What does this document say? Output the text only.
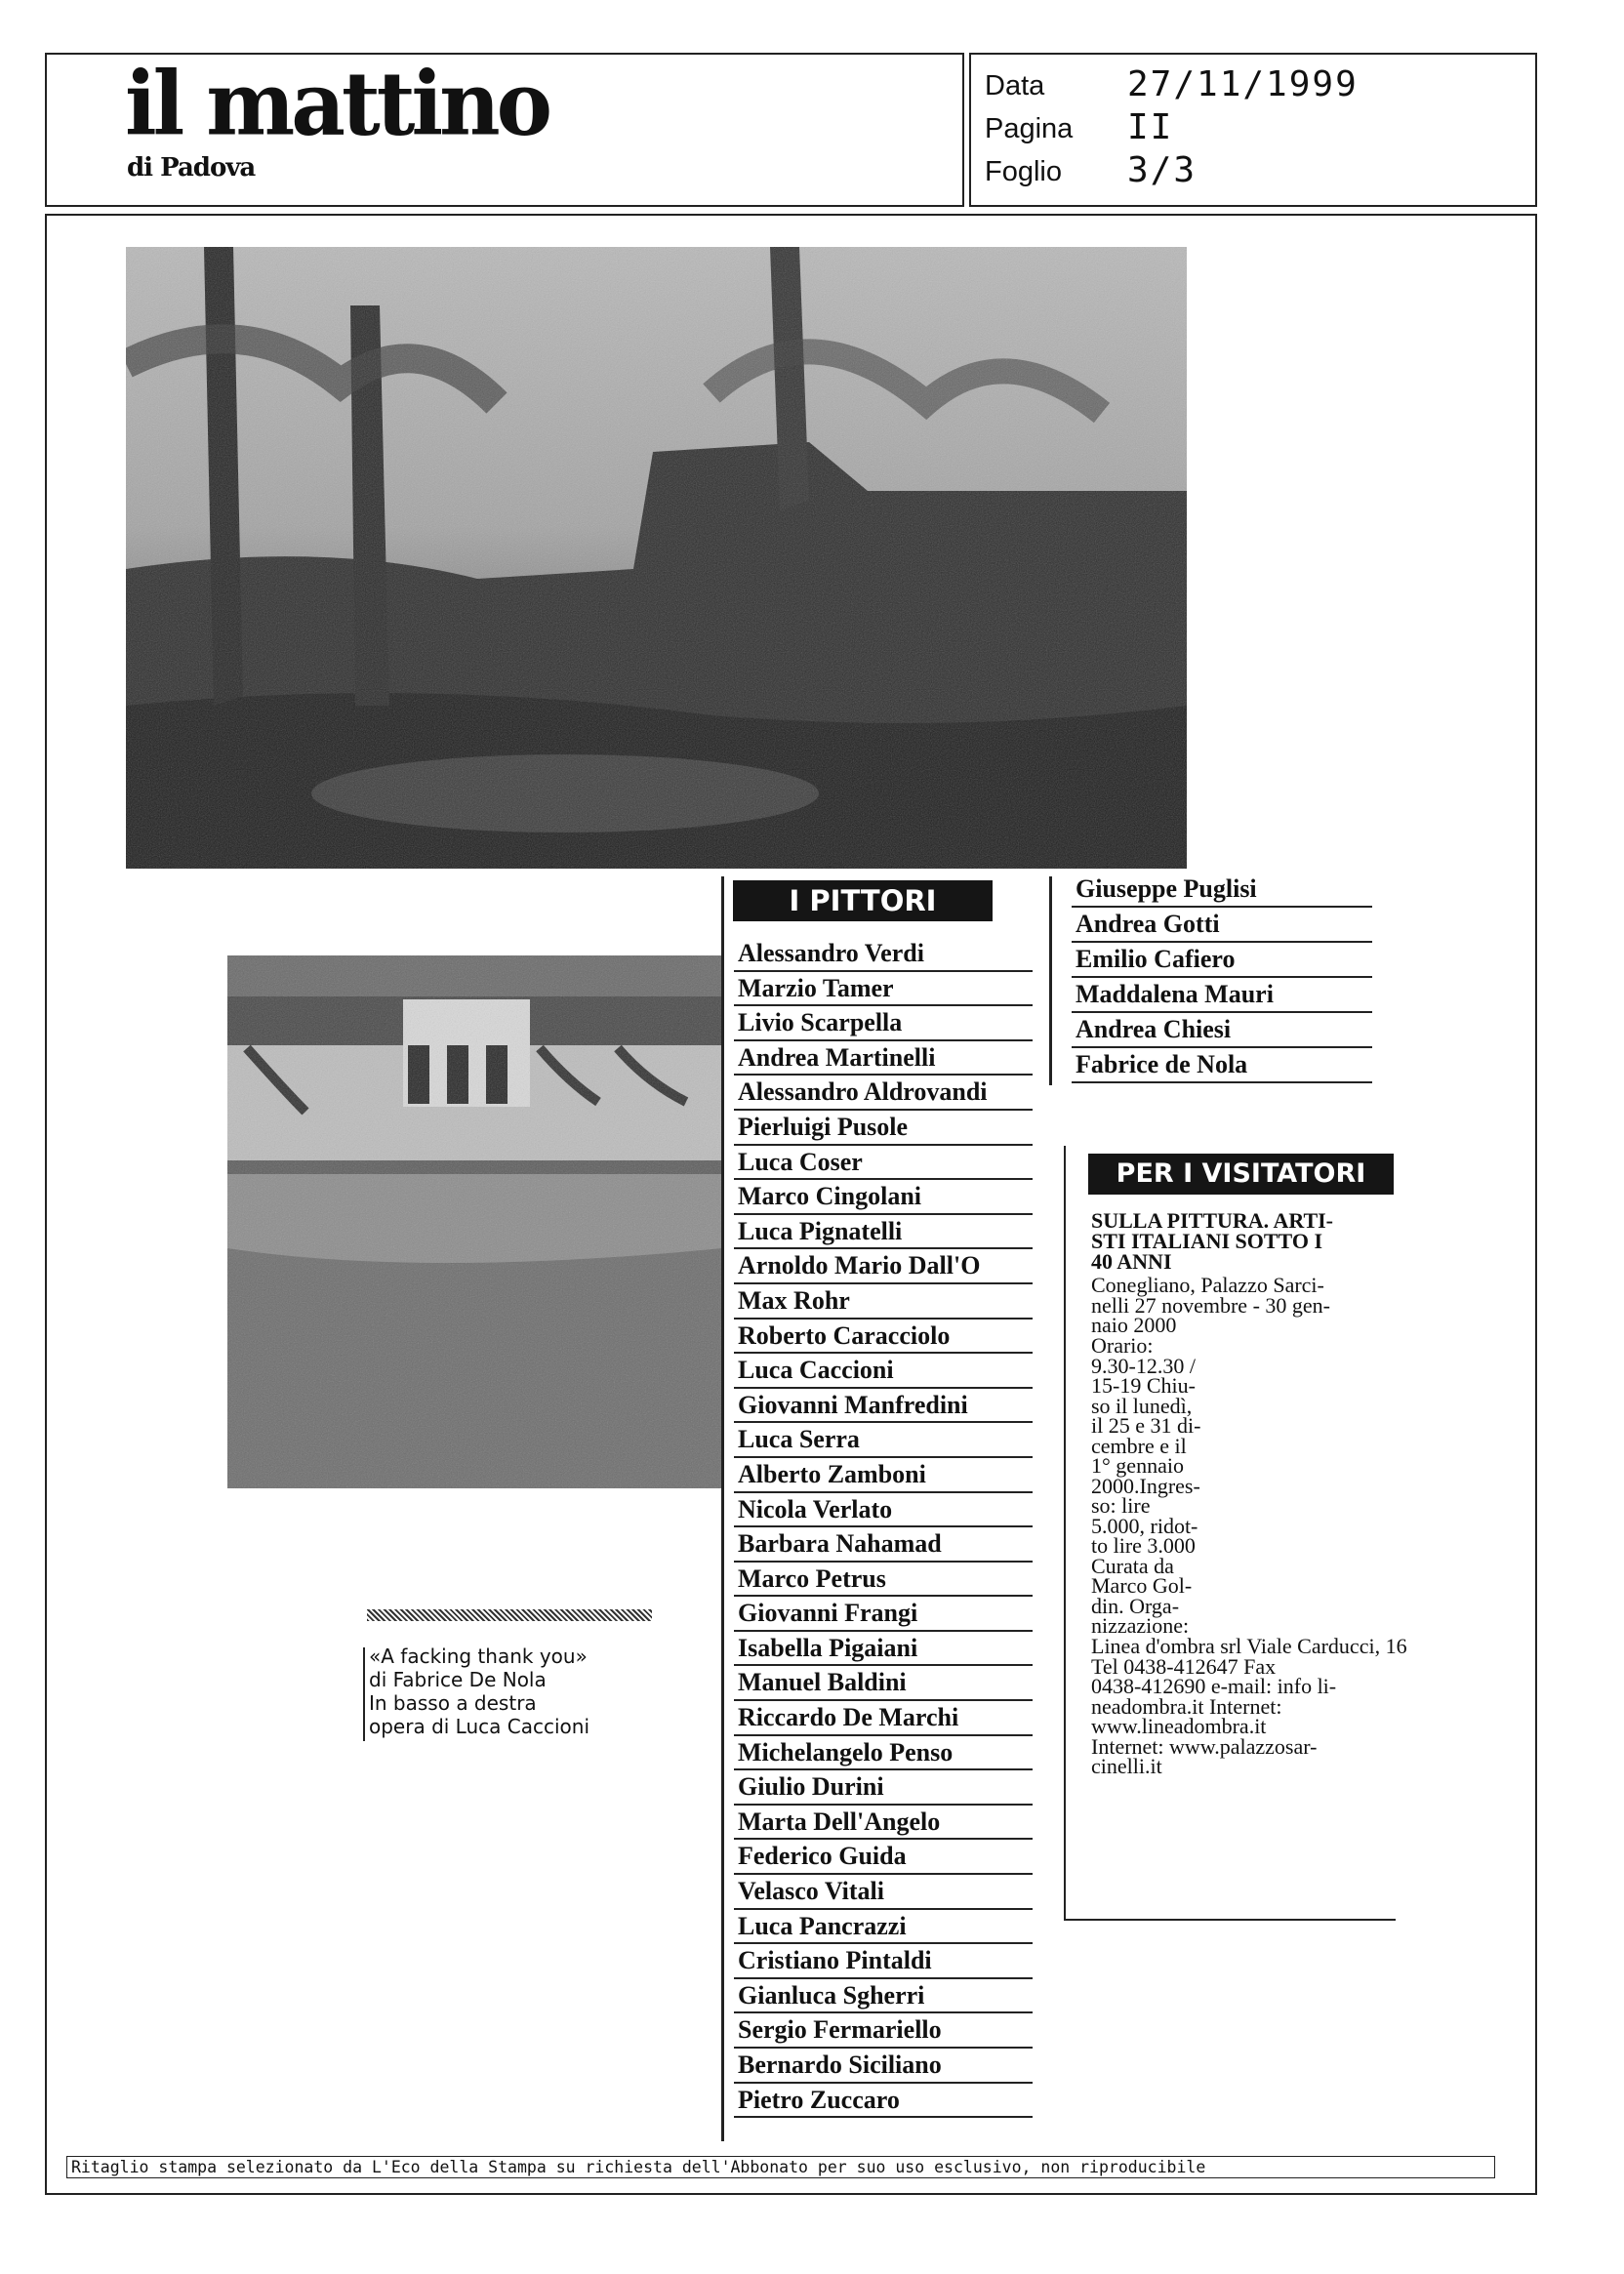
il mattino
di Padova
Data 27/11/1999
Pagina II
Foglio 3/3
«A facking thank you»
di Fabrice De Nola
In basso a destra
opera di Luca Caccioni
I PITTORI
Alessandro Verdi
Marzio Tamer
Livio Scarpella
Andrea Martinelli
Alessandro Aldrovandi
Pierluigi Pusole
Luca Coser
Marco Cingolani
Luca Pignatelli
Arnoldo Mario Dall'O
Max Rohr
Roberto Caracciolo
Luca Caccioni
Giovanni Manfredini
Luca Serra
Alberto Zamboni
Nicola Verlato
Barbara Nahamad
Marco Petrus
Giovanni Frangi
Isabella Pigaiani
Manuel Baldini
Riccardo De Marchi
Michelangelo Penso
Giulio Durini
Marta Dell'Angelo
Federico Guida
Velasco Vitali
Luca Pancrazzi
Cristiano Pintaldi
Gianluca Sgherri
Sergio Fermariello
Bernardo Siciliano
Pietro Zuccaro
Giuseppe Puglisi
Andrea Gotti
Emilio Cafiero
Maddalena Mauri
Andrea Chiesi
Fabrice de Nola
PER I VISITATORI
SULLA PITTURA. ARTI-
STI ITALIANI SOTTO I
40 ANNI
Conegliano, Palazzo Sarci-
nelli 27 novembre - 30 gen-
naio 2000
Orario:
9.30-12.30 /
15-19 Chiu-
so il lunedì,
il 25 e 31 di-
cembre e il
1° gennaio
2000.Ingres-
so: lire
5.000, ridot-
to lire 3.000
Curata da
Marco Gol-
din. Orga-
nizzazione:
Linea d'ombra srl Viale Carducci, 16
Tel 0438-412647 Fax
0438-412690 e-mail: info li-
neadombra.it Internet:
www.lineadombra.it
Internet: www.palazzosar-
cinelli.it
Ritaglio stampa selezionato da L'Eco della Stampa su richiesta dell'Abbonato per suo uso esclusivo, non riproducibile
